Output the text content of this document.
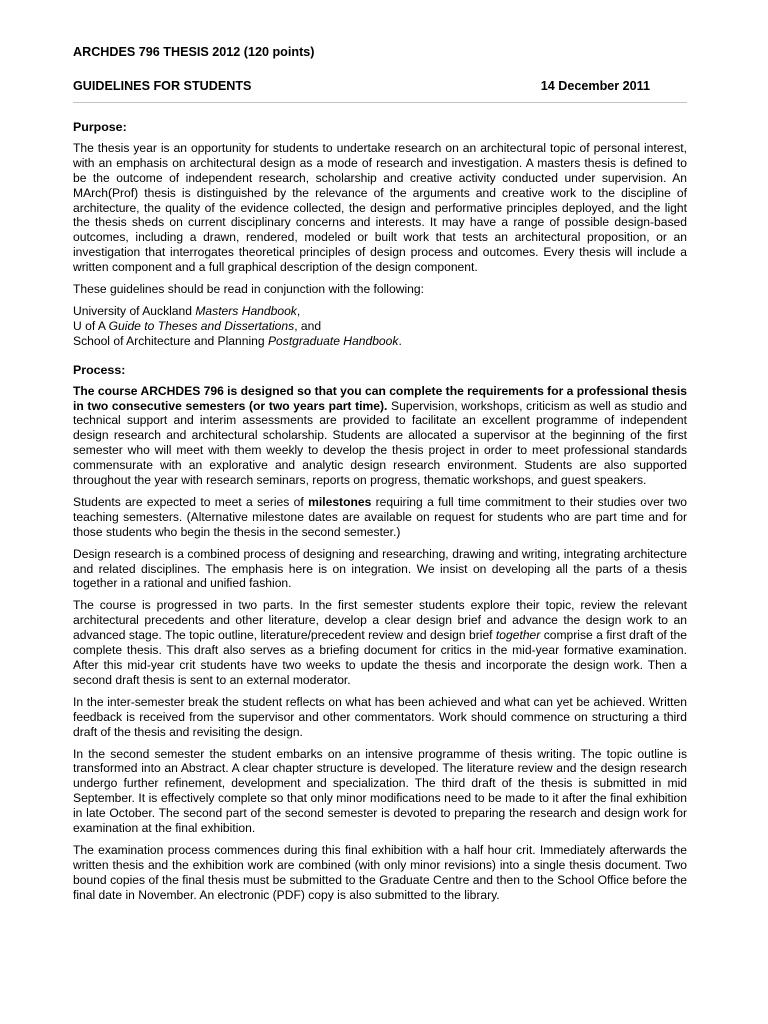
ARCHDES 796 THESIS 2012 (120 points)
GUIDELINES FOR STUDENTS	14 December 2011
Purpose:

The thesis year is an opportunity for students to undertake research on an architectural topic of personal interest, with an emphasis on architectural design as a mode of research and investigation. A masters thesis is defined to be the outcome of independent research, scholarship and creative activity conducted under supervision. An MArch(Prof) thesis is distinguished by the relevance of the arguments and creative work to the discipline of architecture, the quality of the evidence collected, the design and performative principles deployed, and the light the thesis sheds on current disciplinary concerns and interests. It may have a range of possible design-based outcomes, including a drawn, rendered, modeled or built work that tests an architectural proposition, or an investigation that interrogates theoretical principles of design process and outcomes. Every thesis will include a written component and a full graphical description of the design component.

These guidelines should be read in conjunction with the following:

University of Auckland Masters Handbook,

U of A Guide to Theses and Dissertations, and

School of Architecture and Planning Postgraduate Handbook.

Process:

The course ARCHDES 796 is designed so that you can complete the requirements for a professional thesis in two consecutive semesters (or two years part time). Supervision, workshops, criticism as well as studio and technical support and interim assessments are provided to facilitate an excellent programme of independent design research and architectural scholarship. Students are allocated a supervisor at the beginning of the first semester who will meet with them weekly to develop the thesis project in order to meet professional standards commensurate with an explorative and analytic design research environment. Students are also supported throughout the year with research seminars, reports on progress, thematic workshops, and guest speakers.

Students are expected to meet a series of milestones requiring a full time commitment to their studies over two teaching semesters. (Alternative milestone dates are available on request for students who are part time and for those students who begin the thesis in the second semester.)

Design research is a combined process of designing and researching, drawing and writing, integrating architecture and related disciplines. The emphasis here is on integration. We insist on developing all the parts of a thesis together in a rational and unified fashion.

The course is progressed in two parts. In the first semester students explore their topic, review the relevant architectural precedents and other literature, develop a clear design brief and advance the design work to an advanced stage. The topic outline, literature/precedent review and design brief together comprise a first draft of the complete thesis. This draft also serves as a briefing document for critics in the mid-year formative examination. After this mid-year crit students have two weeks to update the thesis and incorporate the design work. Then a second draft thesis is sent to an external moderator.

In the inter-semester break the student reflects on what has been achieved and what can yet be achieved. Written feedback is received from the supervisor and other commentators. Work should commence on structuring a third draft of the thesis and revisiting the design.

In the second semester the student embarks on an intensive programme of thesis writing. The topic outline is transformed into an Abstract. A clear chapter structure is developed. The literature review and the design research undergo further refinement, development and specialization. The third draft of the thesis is submitted in mid September. It is effectively complete so that only minor modifications need to be made to it after the final exhibition in late October. The second part of the second semester is devoted to preparing the research and design work for examination at the final exhibition.

The examination process commences during this final exhibition with a half hour crit. Immediately afterwards the written thesis and the exhibition work are combined (with only minor revisions) into a single thesis document. Two bound copies of the final thesis must be submitted to the Graduate Centre and then to the School Office before the final date in November. An electronic (PDF) copy is also submitted to the library.
